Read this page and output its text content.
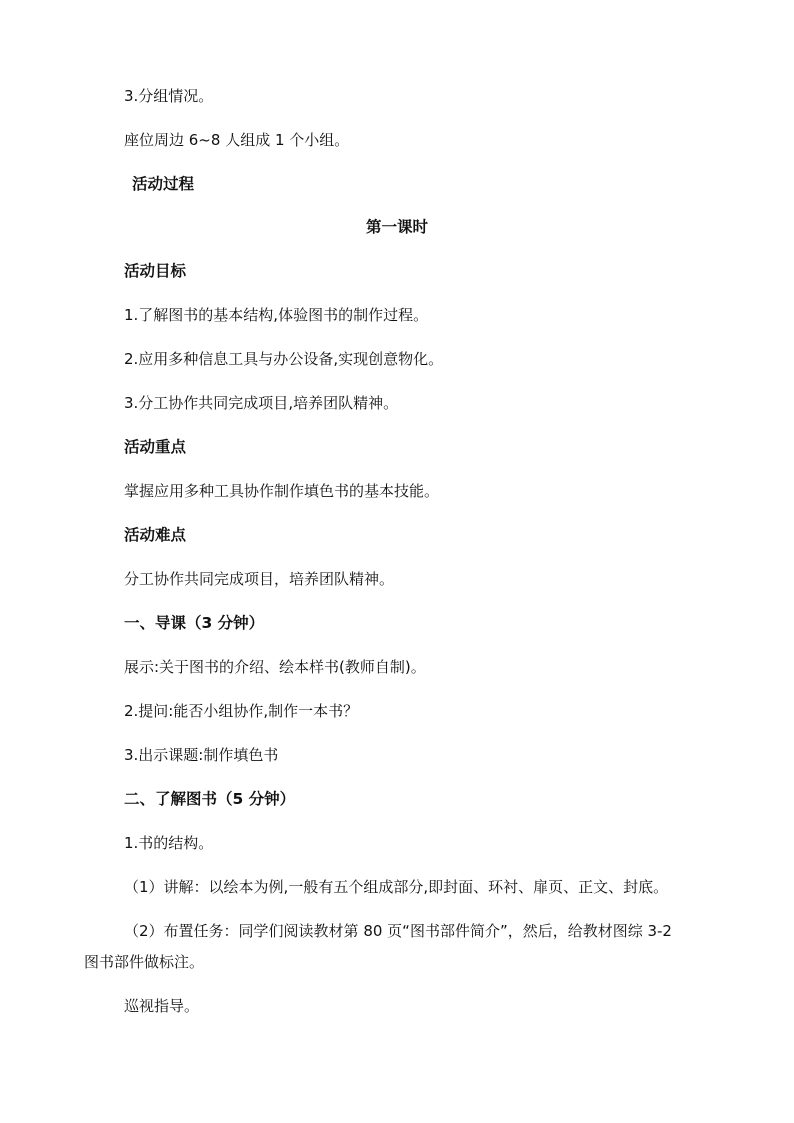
3.分组情况。
座位周边 6~8 人组成 1 个小组。
活动过程
第一课时
活动目标
1.了解图书的基本结构,体验图书的制作过程。
2.应用多种信息工具与办公设备,实现创意物化。
3.分工协作共同完成项目,培养团队精神。
活动重点
掌握应用多种工具协作制作填色书的基本技能。
活动难点
分工协作共同完成项目，培养团队精神。
一、导课（3 分钟）
展示:关于图书的介绍、绘本样书(教师自制)。
2.提问:能否小组协作,制作一本书？
3.出示课题:制作填色书
二、了解图书（5 分钟）
1.书的结构。
（1）讲解：以绘本为例,一般有五个组成部分,即封面、环衬、扉页、正文、封底。
（2）布置任务：同学们阅读教材第 80 页“图书部件简介”，然后，给教材图综 3-2
图书部件做标注。
巡视指导。
